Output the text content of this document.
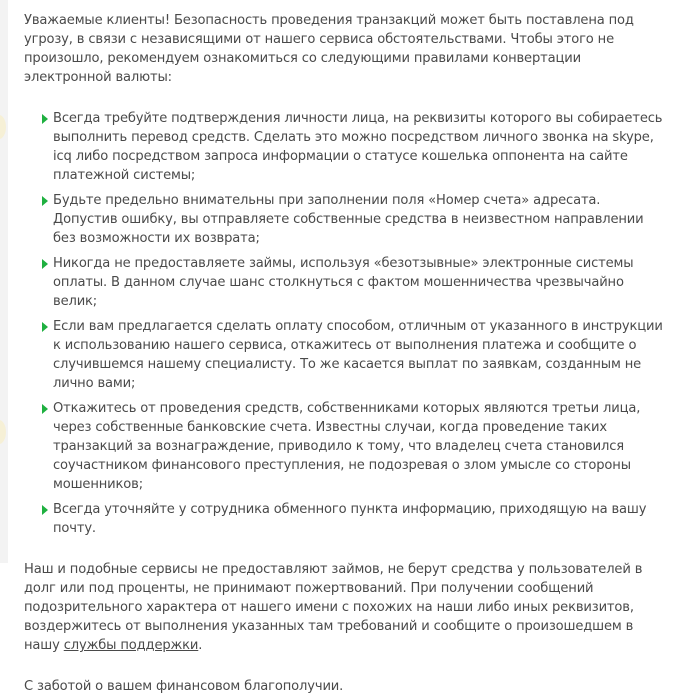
Уважаемые клиенты! Безопасность проведения транзакций может быть поставлена под угрозу, в связи с независящими от нашего сервиса обстоятельствами. Чтобы этого не произошло, рекомендуем ознакомиться со следующими правилами конвертации электронной валюты:

Всегда требуйте подтверждения личности лица, на реквизиты которого вы собираетесь выполнить перевод средств. Сделать это можно посредством личного звонка на skype, icq либо посредством запроса информации о статусе кошелька оппонента на сайте платежной системы;
Будьте предельно внимательны при заполнении поля «Номер счета» адресата. Допустив ошибку, вы отправляете собственные средства в неизвестном направлении без возможности их возврата;
Никогда не предоставляете займы, используя «безотзывные» электронные системы оплаты. В данном случае шанс столкнуться с фактом мошенничества чрезвычайно велик;
Если вам предлагается сделать оплату способом, отличным от указанного в инструкции к использованию нашего сервиса, откажитесь от выполнения платежа и сообщите о случившемся нашему специалисту. То же касается выплат по заявкам, созданным не лично вами;
Откажитесь от проведения средств, собственниками которых являются третьи лица, через собственные банковские счета. Известны случаи, когда проведение таких транзакций за вознаграждение, приводило к тому, что владелец счета становился соучастником финансового преступления, не подозревая о злом умысле со стороны мошенников;
Всегда уточняйте у сотрудника обменного пункта информацию, приходящую на вашу почту.

Наш и подобные сервисы не предоставляют займов, не берут средства у пользователей в долг или под проценты, не принимают пожертвований. При получении сообщений подозрительного характера от нашего имени с похожих на наши либо иных реквизитов, воздержитесь от выполнения указанных там требований и сообщите о произошедшем в нашу службы поддержки.

С заботой о вашем финансовом благополучии.
